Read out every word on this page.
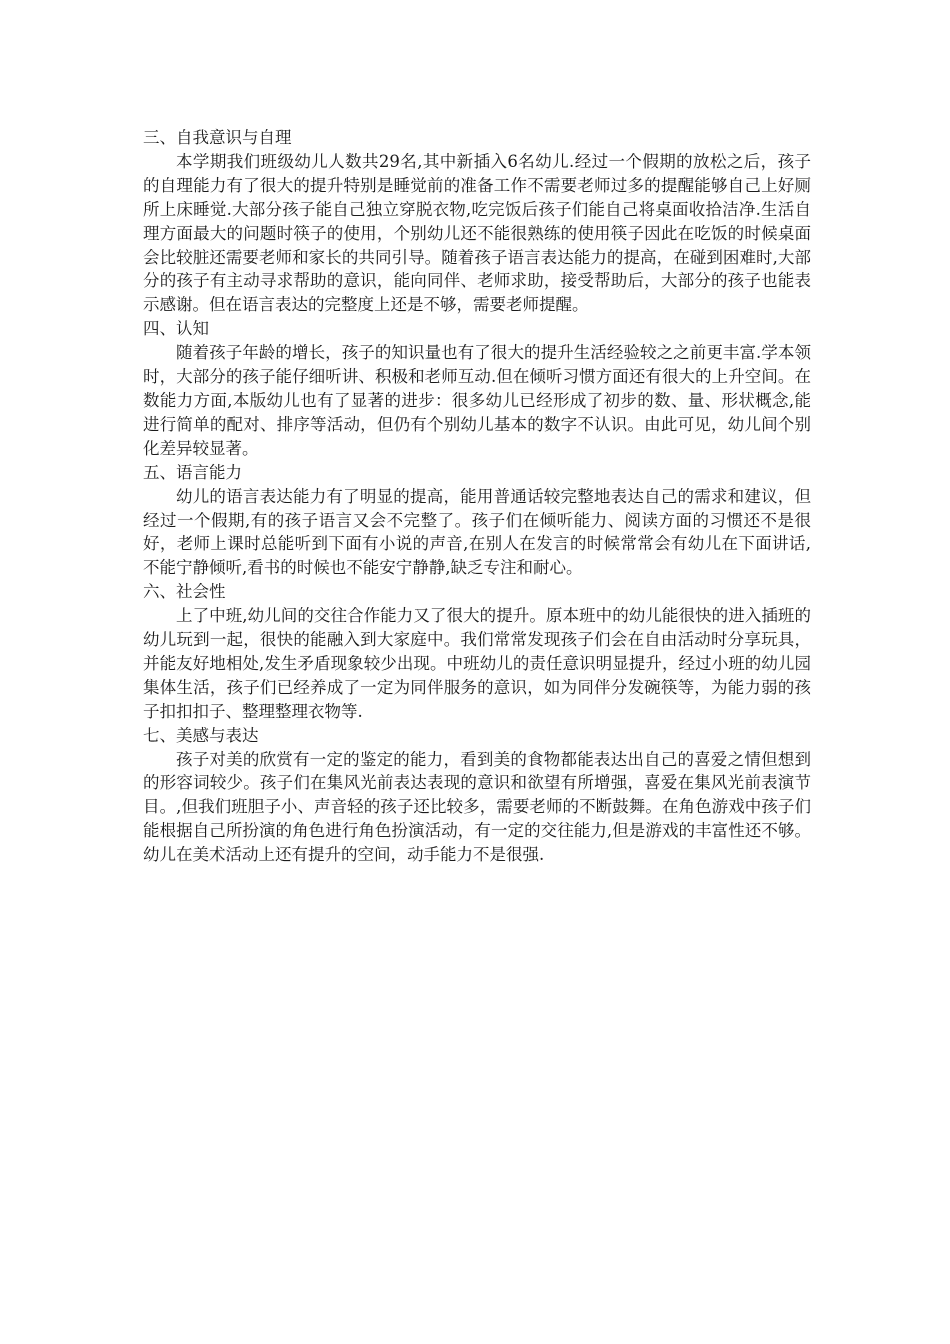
三、自我意识与自理

本学期我们班级幼儿人数共29名,其中新插入6名幼儿.经过一个假期的放松之后，孩子的自理能力有了很大的提升特别是睡觉前的准备工作不需要老师过多的提醒能够自己上好厕所上床睡觉.大部分孩子能自己独立穿脱衣物,吃完饭后孩子们能自己将桌面收拾洁净.生活自理方面最大的问题时筷子的使用，个别幼儿还不能很熟练的使用筷子因此在吃饭的时候桌面会比较脏还需要老师和家长的共同引导。随着孩子语言表达能力的提高，在碰到困难时,大部分的孩子有主动寻求帮助的意识，能向同伴、老师求助，接受帮助后，大部分的孩子也能表示感谢。但在语言表达的完整度上还是不够，需要老师提醒。

四、认知

随着孩子年龄的增长，孩子的知识量也有了很大的提升生活经验较之之前更丰富.学本领时，大部分的孩子能仔细听讲、积极和老师互动.但在倾听习惯方面还有很大的上升空间。在数能力方面,本版幼儿也有了显著的进步：很多幼儿已经形成了初步的数、量、形状概念,能进行简单的配对、排序等活动，但仍有个别幼儿基本的数字不认识。由此可见，幼儿间个别化差异较显著。

五、语言能力

幼儿的语言表达能力有了明显的提高，能用普通话较完整地表达自己的需求和建议，但经过一个假期,有的孩子语言又会不完整了。孩子们在倾听能力、阅读方面的习惯还不是很好，老师上课时总能听到下面有小说的声音,在别人在发言的时候常常会有幼儿在下面讲话,不能宁静倾听,看书的时候也不能安宁静静,缺乏专注和耐心。

六、社会性

上了中班,幼儿间的交往合作能力又了很大的提升。原本班中的幼儿能很快的进入插班的幼儿玩到一起，很快的能融入到大家庭中。我们常常发现孩子们会在自由活动时分享玩具，并能友好地相处,发生矛盾现象较少出现。中班幼儿的责任意识明显提升，经过小班的幼儿园集体生活，孩子们已经养成了一定为同伴服务的意识，如为同伴分发碗筷等，为能力弱的孩子扣扣扣子、整理整理衣物等.

七、美感与表达

孩子对美的欣赏有一定的鉴定的能力，看到美的食物都能表达出自己的喜爱之情但想到的形容词较少。孩子们在集风光前表达表现的意识和欲望有所增强，喜爱在集风光前表演节目。,但我们班胆子小、声音轻的孩子还比较多，需要老师的不断鼓舞。在角色游戏中孩子们能根据自己所扮演的角色进行角色扮演活动，有一定的交往能力,但是游戏的丰富性还不够。幼儿在美术活动上还有提升的空间，动手能力不是很强.
